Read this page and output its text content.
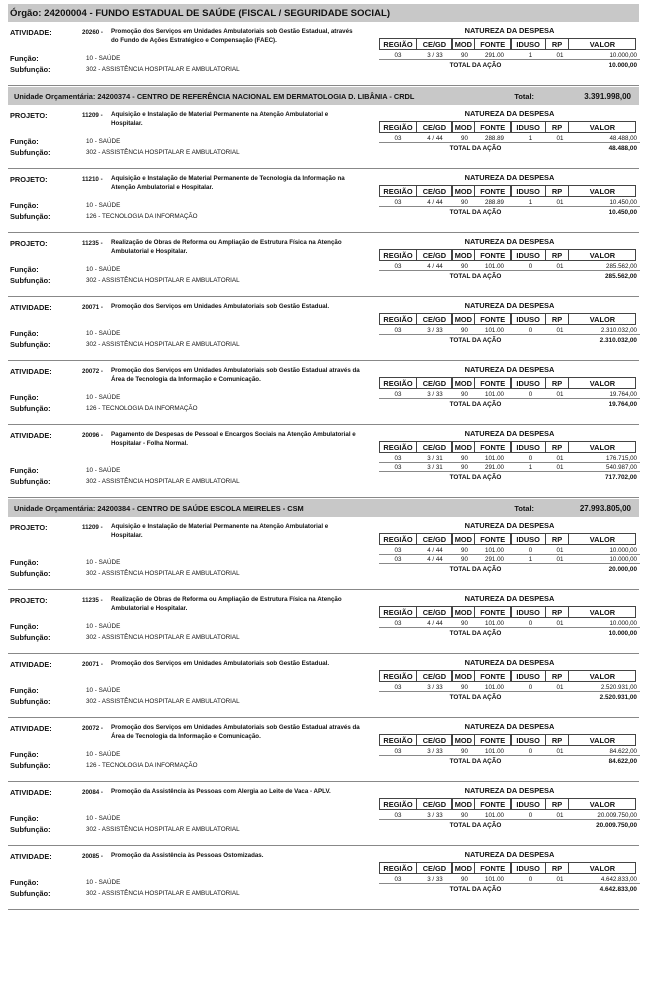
Órgão: 24200004 - FUNDO ESTADUAL DE SAÚDE (FISCAL / SEGURIDADE SOCIAL)
ATIVIDADE:	20260 - Promoção dos Serviços em Unidades Ambulatoriais sob Gestão Estadual, através do Fundo de Ações Estratégico e Compensação (FAEC).
Função:	10 - SAÚDE
Subfunção:	302 - ASSISTÊNCIA HOSPITALAR E AMBULATORIAL
NATUREZA DA DESPESA
REGIÃO	CE/GD	MOD	FONTE	IDUSO	RP	VALOR
03	3 / 33	90	291.00	1	01	10.000,00
TOTAL DA AÇÃO	10.000,00
Unidade Orçamentária: 24200374 - CENTRO DE REFERÊNCIA NACIONAL EM DERMATOLOGIA D. LIBÂNIA - CRDL	Total:	3.391.998,00
PROJETO:	11209 - Aquisição e Instalação de Material Permanente na Atenção Ambulatorial e Hospitalar.
Função:	10 - SAÚDE
Subfunção:	302 - ASSISTÊNCIA HOSPITALAR E AMBULATORIAL
NATUREZA DA DESPESA
REGIÃO	CE/GD	MOD	FONTE	IDUSO	RP	VALOR
03	4 / 44	90	288.89	1	01	48.488,00
TOTAL DA AÇÃO	48.488,00
PROJETO:	11210 - Aquisição e Instalação de Material Permanente de Tecnologia da Informação na Atenção Ambulatorial e Hospitalar.
Função:	10 - SAÚDE
Subfunção:	126 - TECNOLOGIA DA INFORMAÇÃO
NATUREZA DA DESPESA
REGIÃO	CE/GD	MOD	FONTE	IDUSO	RP	VALOR
03	4 / 44	90	288.89	1	01	10.450,00
TOTAL DA AÇÃO	10.450,00
PROJETO:	11235 - Realização de Obras de Reforma ou Ampliação de Estrutura Física na Atenção Ambulatorial e Hospitalar.
Função:	10 - SAÚDE
Subfunção:	302 - ASSISTÊNCIA HOSPITALAR E AMBULATORIAL
NATUREZA DA DESPESA
REGIÃO	CE/GD	MOD	FONTE	IDUSO	RP	VALOR
03	4 / 44	90	101.00	0	01	285.562,00
TOTAL DA AÇÃO	285.562,00
ATIVIDADE:	20071 - Promoção dos Serviços em Unidades Ambulatoriais sob Gestão Estadual.
Função:	10 - SAÚDE
Subfunção:	302 - ASSISTÊNCIA HOSPITALAR E AMBULATORIAL
NATUREZA DA DESPESA
REGIÃO	CE/GD	MOD	FONTE	IDUSO	RP	VALOR
03	3 / 33	90	101.00	0	01	2.310.032,00
TOTAL DA AÇÃO	2.310.032,00
ATIVIDADE:	20072 - Promoção dos Serviços em Unidades Ambulatoriais sob Gestão Estadual através da Área de Tecnologia da Informação e Comunicação.
Função:	10 - SAÚDE
Subfunção:	126 - TECNOLOGIA DA INFORMAÇÃO
NATUREZA DA DESPESA
REGIÃO	CE/GD	MOD	FONTE	IDUSO	RP	VALOR
03	3 / 33	90	101.00	0	01	19.764,00
TOTAL DA AÇÃO	19.764,00
ATIVIDADE:	20096 - Pagamento de Despesas de Pessoal e Encargos Sociais na Atenção Ambulatorial e Hospitalar - Folha Normal.
Função:	10 - SAÚDE
Subfunção:	302 - ASSISTÊNCIA HOSPITALAR E AMBULATORIAL
NATUREZA DA DESPESA
REGIÃO	CE/GD	MOD	FONTE	IDUSO	RP	VALOR
03	3 / 31	90	101.00	0	01	176.715,00
03	3 / 31	90	291.00	1	01	540.987,00
TOTAL DA AÇÃO	717.702,00
Unidade Orçamentária: 24200384 - CENTRO DE SAÚDE ESCOLA MEIRELES - CSM	Total:	27.993.805,00
PROJETO:	11209 - Aquisição e Instalação de Material Permanente na Atenção Ambulatorial e Hospitalar.
Função:	10 - SAÚDE
Subfunção:	302 - ASSISTÊNCIA HOSPITALAR E AMBULATORIAL
NATUREZA DA DESPESA
REGIÃO	CE/GD	MOD	FONTE	IDUSO	RP	VALOR
03	4 / 44	90	101.00	0	01	10.000,00
03	4 / 44	90	291.00	1	01	10.000,00
TOTAL DA AÇÃO	20.000,00
PROJETO:	11235 - Realização de Obras de Reforma ou Ampliação de Estrutura Física na Atenção Ambulatorial e Hospitalar.
Função:	10 - SAÚDE
Subfunção:	302 - ASSISTÊNCIA HOSPITALAR E AMBULATORIAL
NATUREZA DA DESPESA
REGIÃO	CE/GD	MOD	FONTE	IDUSO	RP	VALOR
03	4 / 44	90	101.00	0	01	10.000,00
TOTAL DA AÇÃO	10.000,00
ATIVIDADE:	20071 - Promoção dos Serviços em Unidades Ambulatoriais sob Gestão Estadual.
Função:	10 - SAÚDE
Subfunção:	302 - ASSISTÊNCIA HOSPITALAR E AMBULATORIAL
NATUREZA DA DESPESA
REGIÃO	CE/GD	MOD	FONTE	IDUSO	RP	VALOR
03	3 / 33	90	101.00	0	01	2.520.931,00
TOTAL DA AÇÃO	2.520.931,00
ATIVIDADE:	20072 - Promoção dos Serviços em Unidades Ambulatoriais sob Gestão Estadual através da Área de Tecnologia da Informação e Comunicação.
Função:	10 - SAÚDE
Subfunção:	126 - TECNOLOGIA DA INFORMAÇÃO
NATUREZA DA DESPESA
REGIÃO	CE/GD	MOD	FONTE	IDUSO	RP	VALOR
03	3 / 33	90	101.00	0	01	84.622,00
TOTAL DA AÇÃO	84.622,00
ATIVIDADE:	20084 - Promoção da Assistência às Pessoas com Alergia ao Leite de Vaca - APLV.
Função:	10 - SAÚDE
Subfunção:	302 - ASSISTÊNCIA HOSPITALAR E AMBULATORIAL
NATUREZA DA DESPESA
REGIÃO	CE/GD	MOD	FONTE	IDUSO	RP	VALOR
03	3 / 33	90	101.00	0	01	20.009.750,00
TOTAL DA AÇÃO	20.009.750,00
ATIVIDADE:	20085 - Promoção da Assistência às Pessoas Ostomizadas.
Função:	10 - SAÚDE
Subfunção:	302 - ASSISTÊNCIA HOSPITALAR E AMBULATORIAL
NATUREZA DA DESPESA
REGIÃO	CE/GD	MOD	FONTE	IDUSO	RP	VALOR
03	3 / 33	90	101.00	0	01	4.642.833,00
TOTAL DA AÇÃO	4.642.833,00
